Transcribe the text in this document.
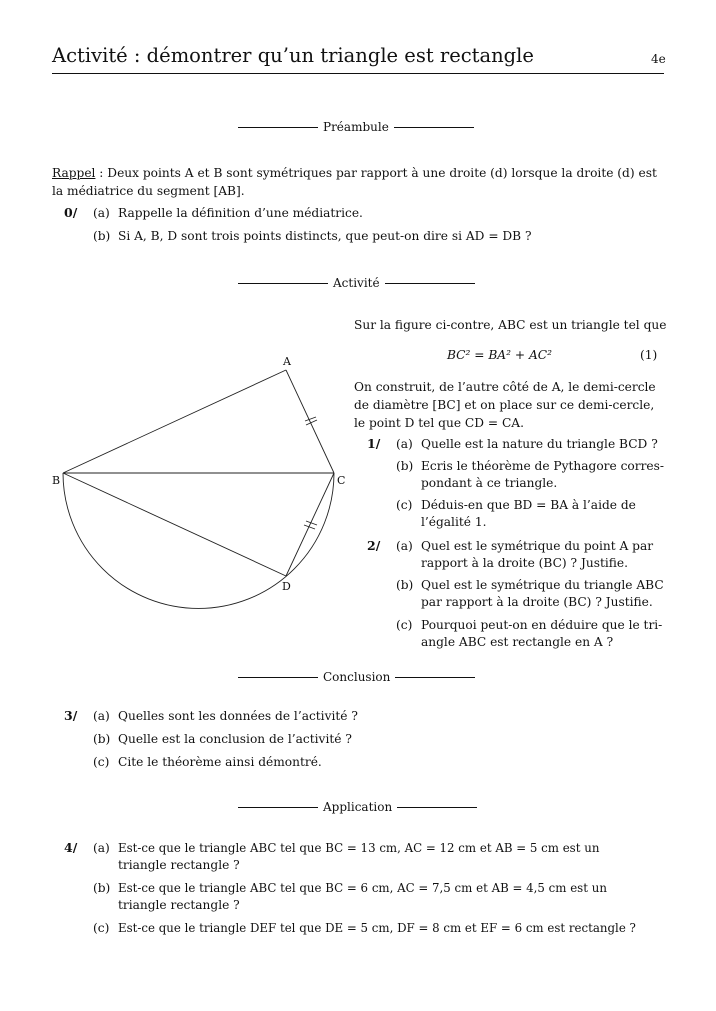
Activité : démontrer qu’un triangle est rectangle	4e
Préambule
Rappel : Deux points A et B sont symétriques par rapport à une droite (d) lorsque la droite (d) est
la médiatrice du segment [AB].
0/ (a) Rappelle la définition d’une médiatrice.
(b) Si A, B, D sont trois points distincts, que peut-on dire si AD = DB ?
Activité
A
B	C
D
Sur la figure ci-contre, ABC est un triangle tel que
BC² = BA² + AC²	(1)
On construit, de l’autre côté de A, le demi-cercle
de diamètre [BC] et on place sur ce demi-cercle,
le point D tel que CD = CA.
1/ (a) Quelle est la nature du triangle BCD ?
(b) Ecris le théorème de Pythagore corres-
pondant à ce triangle.
(c) Déduis-en que BD = BA à l’aide de
l’égalité 1.
2/ (a) Quel est le symétrique du point A par
rapport à la droite (BC) ? Justifie.
(b) Quel est le symétrique du triangle ABC
par rapport à la droite (BC) ? Justifie.
(c) Pourquoi peut-on en déduire que le tri-
angle ABC est rectangle en A ?
Conclusion
3/ (a) Quelles sont les données de l’activité ?
(b) Quelle est la conclusion de l’activité ?
(c) Cite le théorème ainsi démontré.
Application
4/ (a) Est-ce que le triangle ABC tel que BC = 13 cm, AC = 12 cm et AB = 5 cm est un
triangle rectangle ?
(b) Est-ce que le triangle ABC tel que BC = 6 cm, AC = 7,5 cm et AB = 4,5 cm est un
triangle rectangle ?
(c) Est-ce que le triangle DEF tel que DE = 5 cm, DF = 8 cm et EF = 6 cm est rectangle ?
